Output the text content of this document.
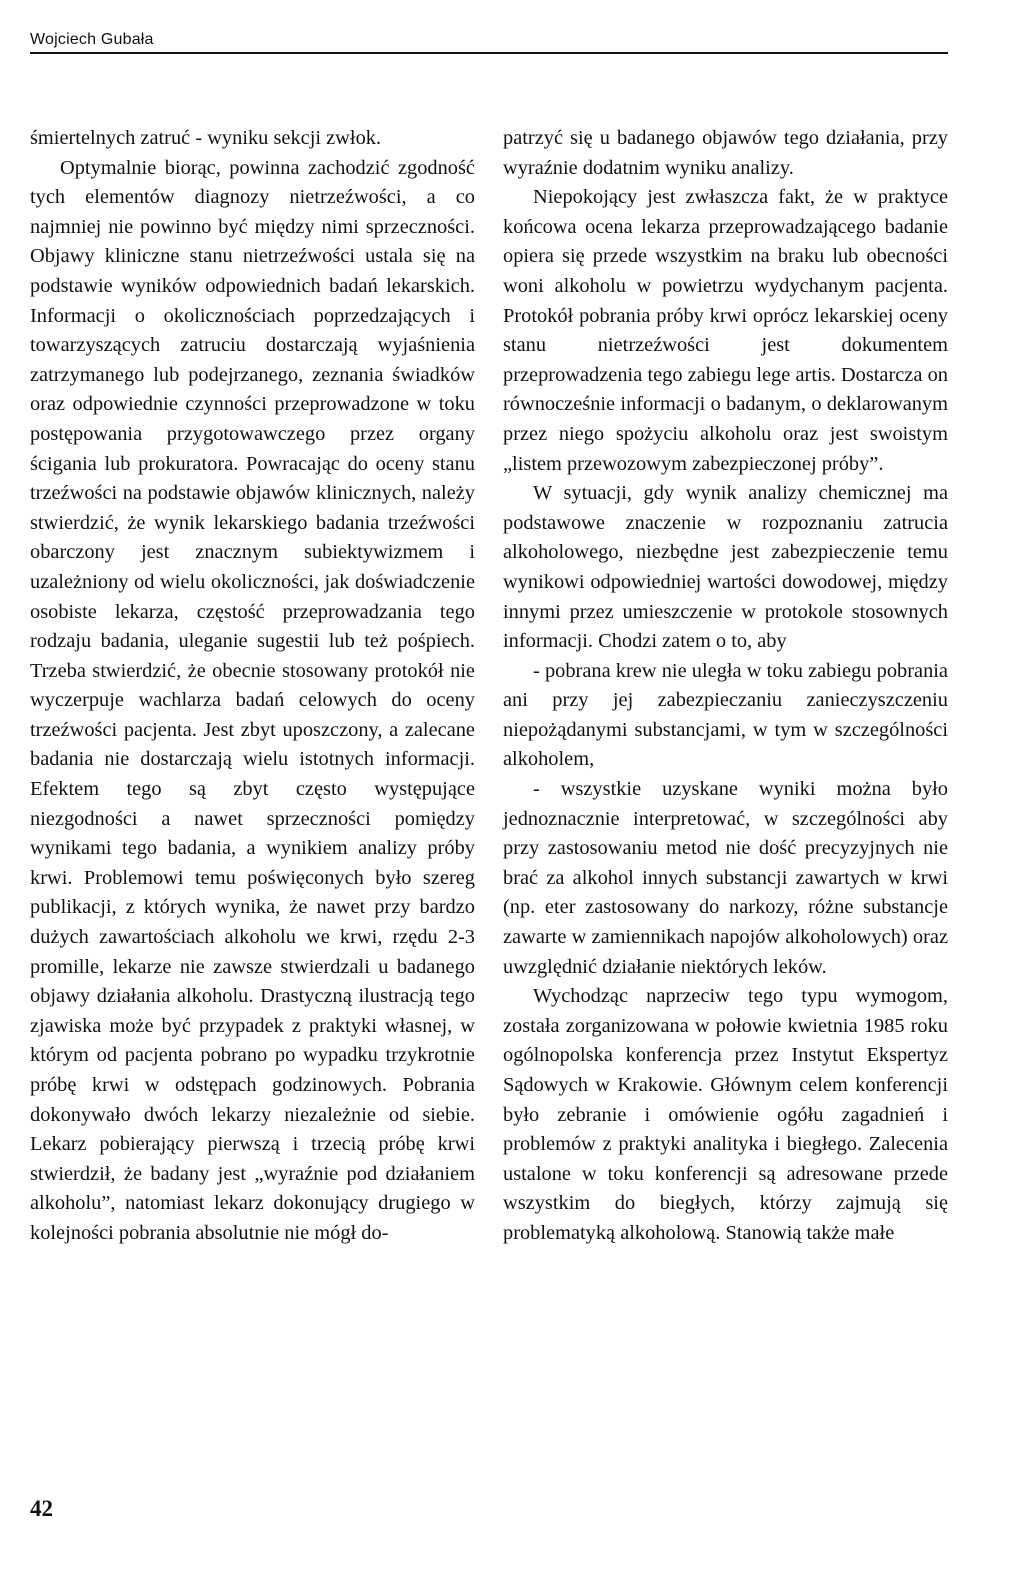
Wojciech Gubała

śmiertelnych zatruć - wyniku sekcji zwłok.

Optymalnie biorąc, powinna zachodzić zgodność tych elementów diagnozy nietrzeźwości, a co najmniej nie powinno być między nimi sprzeczności. Objawy kliniczne stanu nietrzeźwości ustala się na podstawie wyników odpowiednich badań lekarskich. Informacji o okolicznościach poprzedzających i towarzyszących zatruciu dostarczają wyjaśnienia zatrzymanego lub podejrzanego, zeznania świadków oraz odpowiednie czynności przeprowadzone w toku postępowania przygotowawczego przez organy ścigania lub prokuratora. Powracając do oceny stanu trzeźwości na podstawie objawów klinicznych, należy stwierdzić, że wynik lekarskiego badania trzeźwości obarczony jest znacznym subiektywizmem i uzależniony od wielu okoliczności, jak doświadczenie osobiste lekarza, częstość przeprowadzania tego rodzaju badania, uleganie sugestii lub też pośpiech. Trzeba stwierdzić, że obecnie stosowany protokół nie wyczerpuje wachlarza badań celowych do oceny trzeźwości pacjenta. Jest zbyt uposzczony, a zalecane badania nie dostarczają wielu istotnych informacji. Efektem tego są zbyt często występujące niezgodności a nawet sprzeczności pomiędzy wynikami tego badania, a wynikiem analizy próby krwi. Problemowi temu poświęconych było szereg publikacji, z których wynika, że nawet przy bardzo dużych zawartościach alkoholu we krwi, rzędu 2-3 promille, lekarze nie zawsze stwierdzali u badanego objawy działania alkoholu. Drastyczną ilustracją tego zjawiska może być przypadek z praktyki własnej, w którym od pacjenta pobrano po wypadku trzykrotnie próbę krwi w odstępach godzinowych. Pobrania dokonywało dwóch lekarzy niezależnie od siebie. Lekarz pobierający pierwszą i trzecią próbę krwi stwierdził, że badany jest „wyraźnie pod działaniem alkoholu”, natomiast lekarz dokonujący drugiego w kolejności pobrania absolutnie nie mógł do-

patrzyć się u badanego objawów tego działania, przy wyraźnie dodatnim wyniku analizy.

Niepokojący jest zwłaszcza fakt, że w praktyce końcowa ocena lekarza przeprowadzającego badanie opiera się przede wszystkim na braku lub obecności woni alkoholu w powietrzu wydychanym pacjenta. Protokół pobrania próby krwi oprócz lekarskiej oceny stanu nietrzeźwości jest dokumentem przeprowadzenia tego zabiegu lege artis. Dostarcza on równocześnie informacji o badanym, o deklarowanym przez niego spożyciu alkoholu oraz jest swoistym „listem przewozowym zabezpieczonej próby”.

W sytuacji, gdy wynik analizy chemicznej ma podstawowe znaczenie w rozpoznaniu zatrucia alkoholowego, niezbędne jest zabezpieczenie temu wynikowi odpowiedniej wartości dowodowej, między innymi przez umieszczenie w protokole stosownych informacji. Chodzi zatem o to, aby

- pobrana krew nie uległa w toku zabiegu pobrania ani przy jej zabezpieczaniu zanieczyszczeniu niepożądanymi substancjami, w tym w szczególności alkoholem,

- wszystkie uzyskane wyniki można było jednoznacznie interpretować, w szczególności aby przy zastosowaniu metod nie dość precyzyjnych nie brać za alkohol innych substancji zawartych w krwi (np. eter zastosowany do narkozy, różne substancje zawarte w zamiennikach napojów alkoholowych) oraz uwzględnić działanie niektórych leków.

Wychodząc naprzeciw tego typu wymogom, została zorganizowana w połowie kwietnia 1985 roku ogólnopolska konferencja przez Instytut Ekspertyz Sądowych w Krakowie. Głównym celem konferencji było zebranie i omówienie ogółu zagadnień i problemów z praktyki analityka i biegłego. Zalecenia ustalone w toku konferencji są adresowane przede wszystkim do biegłych, którzy zajmują się problematyką alkoholową. Stanowią także małe

42
